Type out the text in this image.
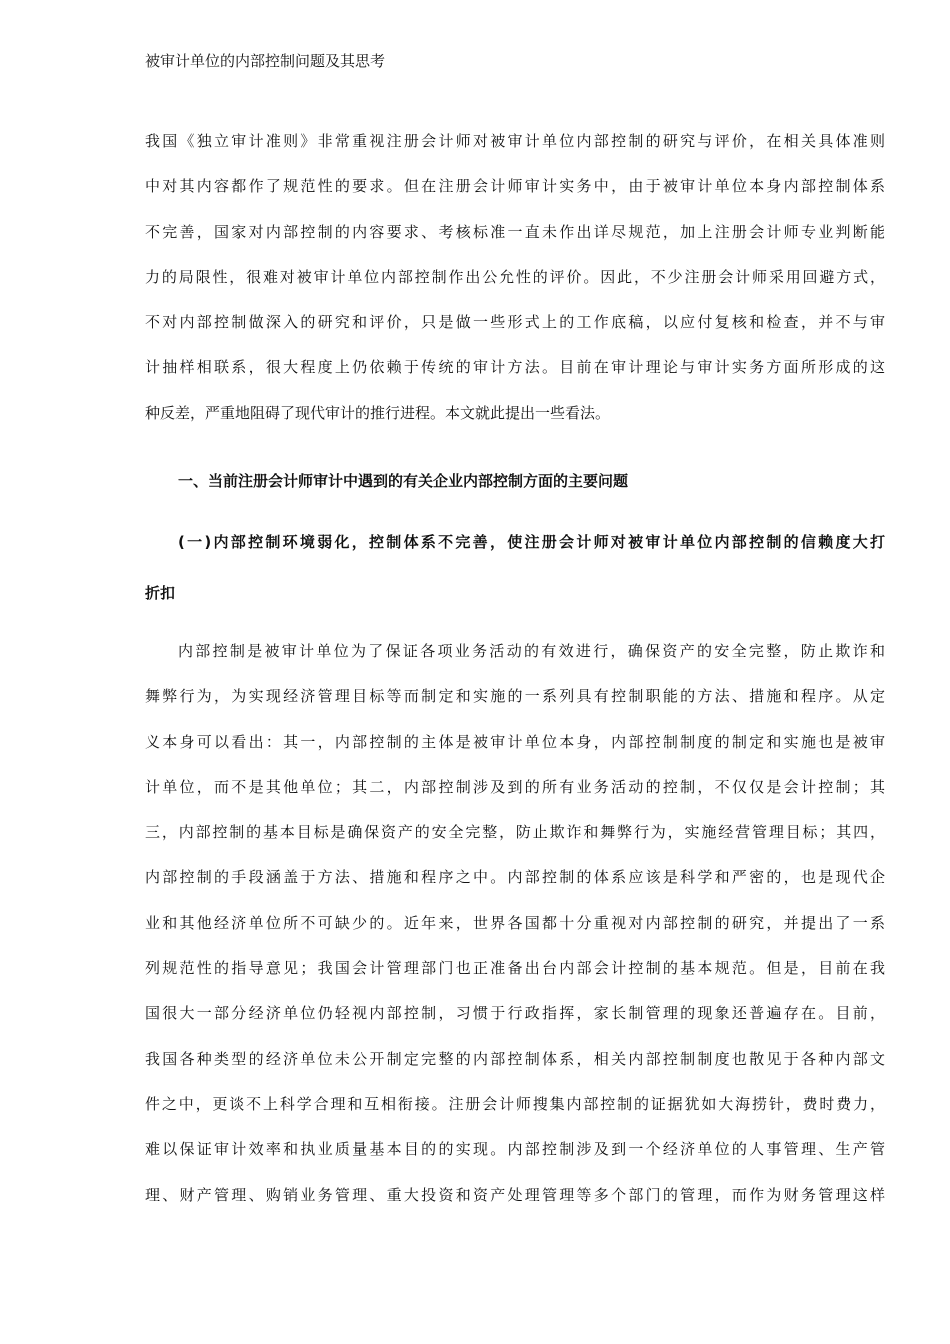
被审计单位的内部控制问题及其思考
我国《独立审计准则》非常重视注册会计师对被审计单位内部控制的研究与评价，在相关具体准则
中对其内容都作了规范性的要求。但在注册会计师审计实务中，由于被审计单位本身内部控制体系
不完善，国家对内部控制的内容要求、考核标准一直未作出详尽规范，加上注册会计师专业判断能
力的局限性，很难对被审计单位内部控制作出公允性的评价。因此，不少注册会计师采用回避方式，
不对内部控制做深入的研究和评价，只是做一些形式上的工作底稿，以应付复核和检查，并不与审
计抽样相联系，很大程度上仍依赖于传统的审计方法。目前在审计理论与审计实务方面所形成的这
种反差，严重地阻碍了现代审计的推行进程。本文就此提出一些看法。
一、当前注册会计师审计中遇到的有关企业内部控制方面的主要问题
(一)内部控制环境弱化，控制体系不完善，使注册会计师对被审计单位内部控制的信赖度大打
折扣
内部控制是被审计单位为了保证各项业务活动的有效进行，确保资产的安全完整，防止欺诈和
舞弊行为，为实现经济管理目标等而制定和实施的一系列具有控制职能的方法、措施和程序。从定
义本身可以看出：其一，内部控制的主体是被审计单位本身，内部控制制度的制定和实施也是被审
计单位，而不是其他单位；其二，内部控制涉及到的所有业务活动的控制，不仅仅是会计控制；其
三，内部控制的基本目标是确保资产的安全完整，防止欺诈和舞弊行为，实施经营管理目标；其四，
内部控制的手段涵盖于方法、措施和程序之中。内部控制的体系应该是科学和严密的，也是现代企
业和其他经济单位所不可缺少的。近年来，世界各国都十分重视对内部控制的研究，并提出了一系
列规范性的指导意见；我国会计管理部门也正准备出台内部会计控制的基本规范。但是，目前在我
国很大一部分经济单位仍轻视内部控制，习惯于行政指挥，家长制管理的现象还普遍存在。目前，
我国各种类型的经济单位未公开制定完整的内部控制体系，相关内部控制制度也散见于各种内部文
件之中，更谈不上科学合理和互相衔接。注册会计师搜集内部控制的证据犹如大海捞针，费时费力，
难以保证审计效率和执业质量基本目的的实现。内部控制涉及到一个经济单位的人事管理、生产管
理、财产管理、购销业务管理、重大投资和资产处理管理等多个部门的管理，而作为财务管理这样
